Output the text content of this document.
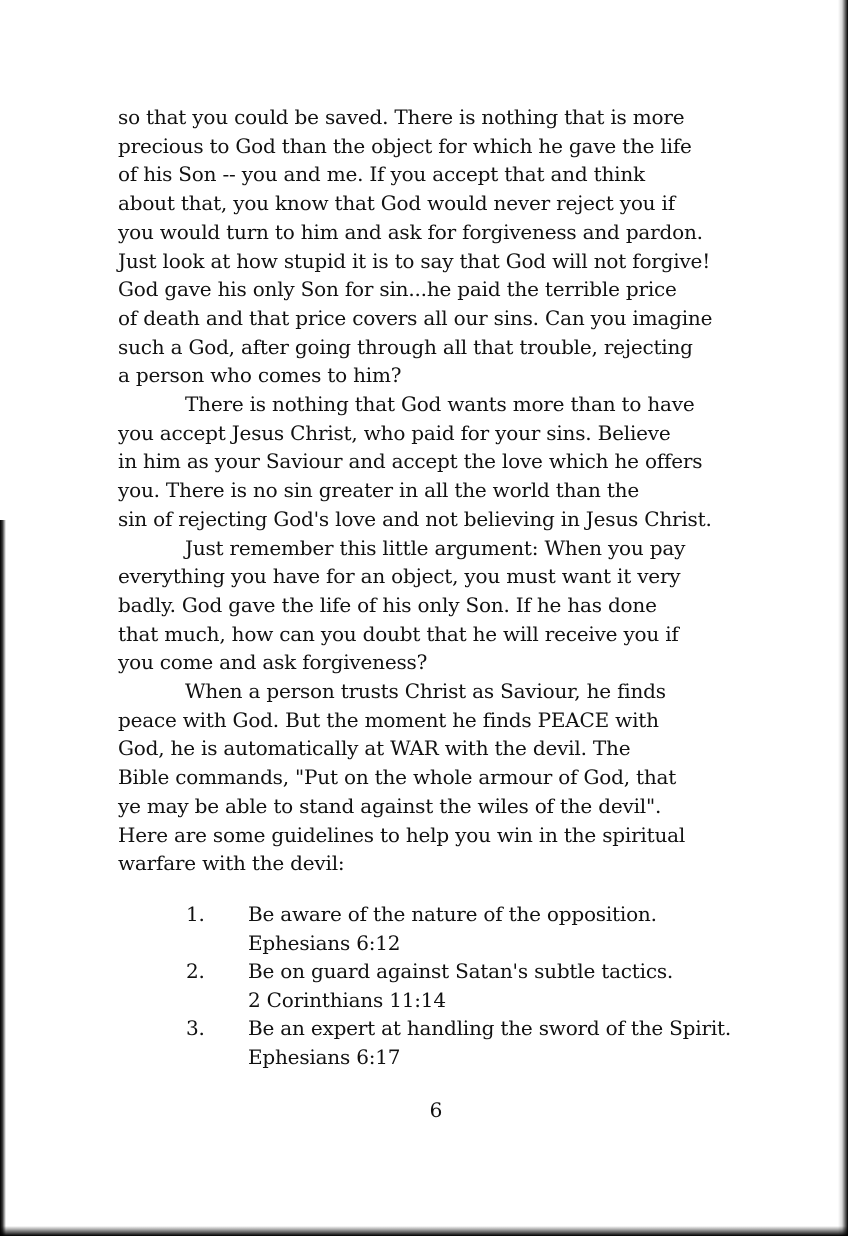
so that you could be saved. There is nothing that is more
precious to God than the object for which he gave the life
of his Son -- you and me. If you accept that and think
about that, you know that God would never reject you if
you would turn to him and ask for forgiveness and pardon.
Just look at how stupid it is to say that God will not forgive!
God gave his only Son for sin...he paid the terrible price
of death and that price covers all our sins. Can you imagine
such a God, after going through all that trouble, rejecting
a person who comes to him?
There is nothing that God wants more than to have
you accept Jesus Christ, who paid for your sins. Believe
in him as your Saviour and accept the love which he offers
you. There is no sin greater in all the world than the
sin of rejecting God's love and not believing in Jesus Christ.
Just remember this little argument: When you pay
everything you have for an object, you must want it very
badly. God gave the life of his only Son. If he has done
that much, how can you doubt that he will receive you if
you come and ask forgiveness?
When a person trusts Christ as Saviour, he finds
peace with God. But the moment he finds PEACE with
God, he is automatically at WAR with the devil. The
Bible commands, "Put on the whole armour of God, that
ye may be able to stand against the wiles of the devil".
Here are some guidelines to help you win in the spiritual
warfare with the devil:
1.	Be aware of the nature of the opposition.
Ephesians 6:12
2.	Be on guard against Satan's subtle tactics.
2 Corinthians 11:14
3.	Be an expert at handling the sword of the Spirit.
Ephesians 6:17
6
